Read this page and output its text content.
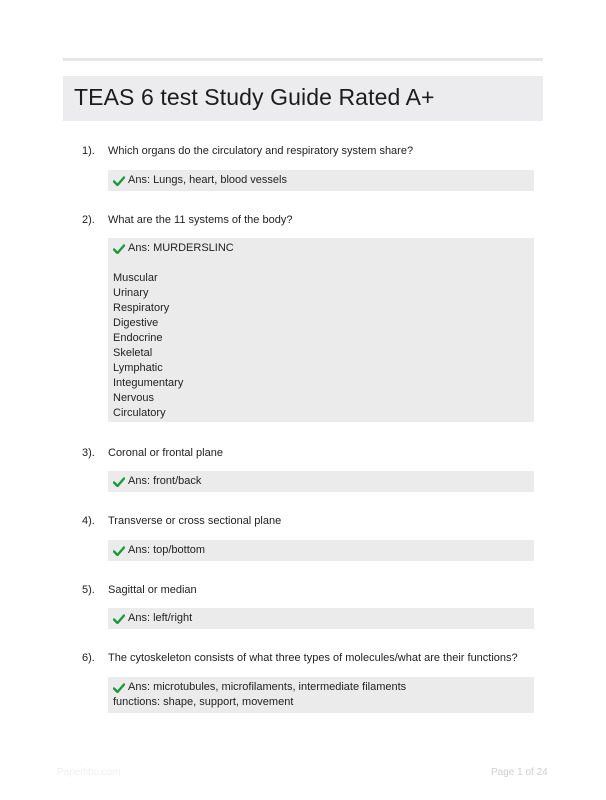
TEAS 6 test Study Guide Rated A+
1). Which organs do the circulatory and respiratory system share?
Ans: Lungs, heart, blood vessels
2). What are the 11 systems of the body?
Ans: MURDERSLINC
Muscular
Urinary
Respiratory
Digestive
Endocrine
Skeletal
Lymphatic
Integumentary
Nervous
Circulatory
3). Coronal or frontal plane
Ans: front/back
4). Transverse or cross sectional plane
Ans: top/bottom
5). Sagittal or median
Ans: left/right
6). The cytoskeleton consists of what three types of molecules/what are their functions?
Ans: microtubules, microfilaments, intermediate filaments
functions: shape, support, movement
Paperlibc.com	Page 1 of 24
